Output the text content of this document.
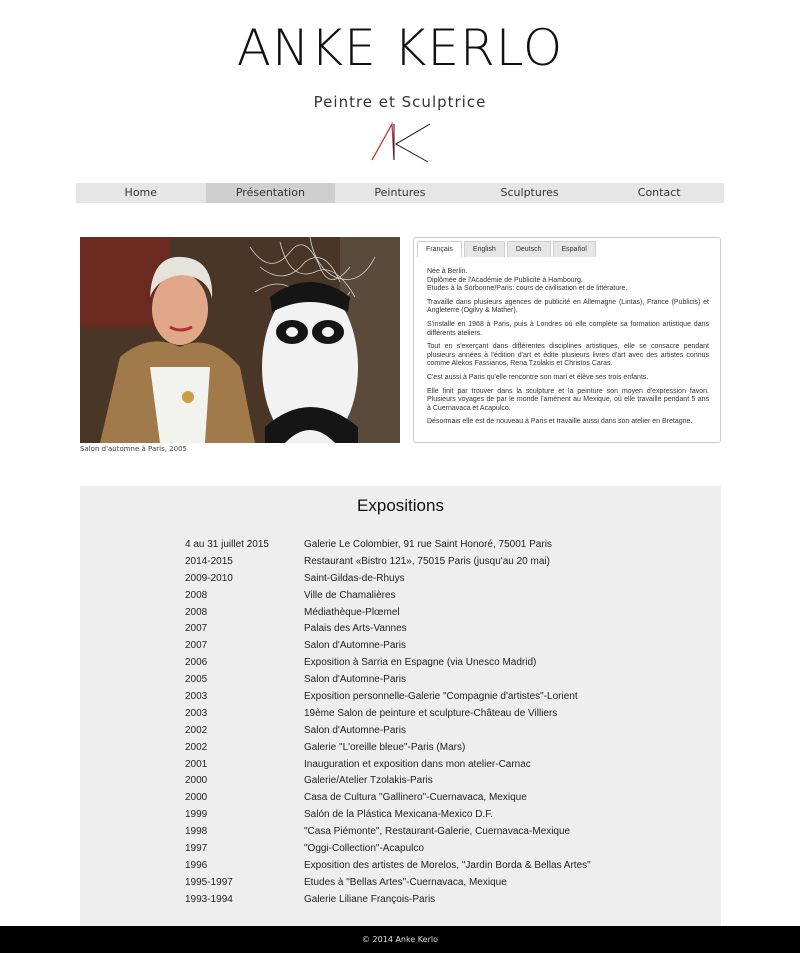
ANKE KERLO
Peintre et Sculptrice
Home	Présentation	Peintures	Sculptures	Contact
Salon d'automne à Paris, 2005
Français	English	Deutsch	Español

Née à Berlin.
Diplômée de l'Académie de Publicité à Hambourg.
Etudes à la Sorbonne/Paris: cours de civilisation et de littérature.

Travaille dans plusieurs agences de publicité en Allemagne (Lintas), France (Publicis) et Angleterre (Ogilvy & Mather).

S'installe en 1968 à Paris, puis à Londres où elle complète sa formation artistique dans différents ateliers.

Tout en s'exerçant dans différentes disciplines artistiques, elle se consacre pendant plusieurs années à l'édition d'art et édite plusieurs livres d'art avec des artistes connus comme Alekos Fassianos, Rena Tzolakis et Christos Caras.

C'est aussi à Paris qu'elle rencontre son mari et élève ses trois enfants.

Elle finit par trouver dans la sculpture et la peinture son moyen d'expression favori. Plusieurs voyages de par le monde l'amènent au Mexique, où elle travaille pendant 5 ans à Cuernavaca et Acapulco.

Désormais elle est de nouveau à Paris et travaille aussi dans son atelier en Bretagne.

Expositions
4 au 31 juillet 2015	Galerie Le Colombier, 91 rue Saint Honoré, 75001 Paris
2014-2015	Restaurant «Bistro 121», 75015 Paris (jusqu'au 20 mai)
2009-2010	Saint-Gildas-de-Rhuys
2008	Ville de Chamalières
2008	Médiathèque-Plœmel
2007	Palais des Arts-Vannes
2007	Salon d'Automne-Paris
2006	Exposition à Sarria en Espagne (via Unesco Madrid)
2005	Salon d'Automne-Paris
2003	Exposition personnelle-Galerie "Compagnie d'artistes"-Lorient
2003	19ème Salon de peinture et sculpture-Château de Villiers
2002	Salon d'Automne-Paris
2002	Galerie "L'oreille bleue"-Paris (Mars)
2001	Inauguration et exposition dans mon atelier-Carnac
2000	Galerie/Atelier Tzolakis-Paris
2000	Casa de Cultura "Gallinero"-Cuernavaca, Mexique
1999	Salón de la Plástica Mexicana-Mexico D.F.
1998	"Casa Piémonte", Restaurant-Galerie, Cuernavaca-Mexique
1997	"Oggi-Collection"-Acapulco
1996	Exposition des artistes de Morelos, "Jardin Borda & Bellas Artes"
1995-1997	Etudes à "Bellas Artes"-Cuernavaca, Mexique
1993-1994	Galerie Liliane François-Paris
© 2014 Anke Kerlo
